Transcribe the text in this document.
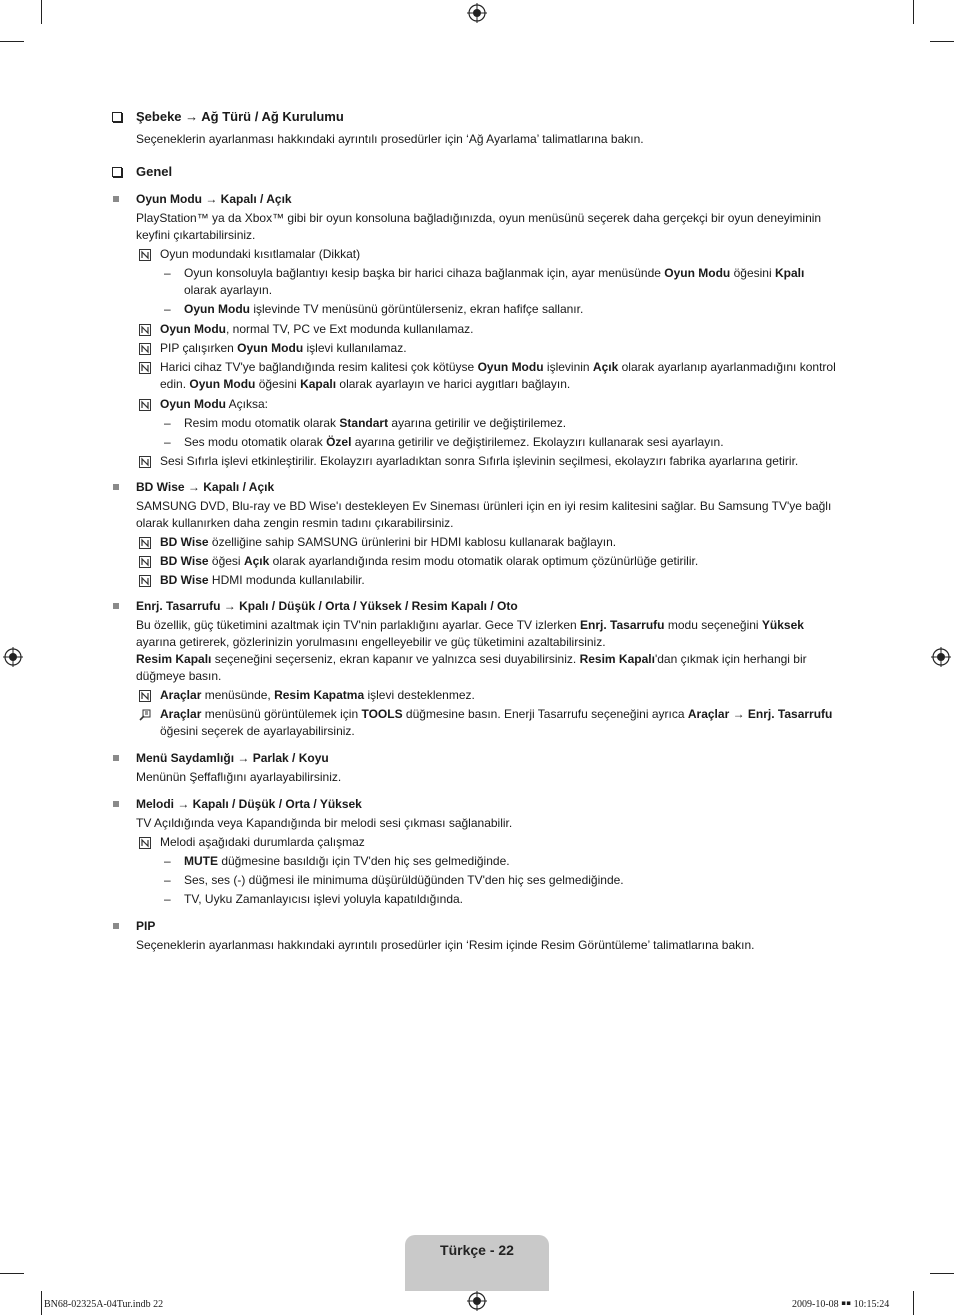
Şebeke → Ağ Türü / Ağ Kurulumu
Seçeneklerin ayarlanması hakkındaki ayrıntılı prosedürler için ‘Ağ Ayarlama’ talimatlarına bakın.
Genel
Oyun Modu → Kapalı / Açık
PlayStation™ ya da Xbox™ gibi bir oyun konsoluna bağladığınızda, oyun menüsünü seçerek daha gerçekçi bir oyun deneyiminin keyfini çıkartabilirsiniz.
Oyun modundaki kısıtlamalar (Dikkat)
– Oyun konsoluyla bağlantıyı kesip başka bir harici cihaza bağlanmak için, ayar menüsünde Oyun Modu öğesini Kpalı olarak ayarlayın.
– Oyun Modu işlevinde TV menüsünü görüntülerseniz, ekran hafifçe sallanır.
Oyun Modu, normal TV, PC ve Ext modunda kullanılamaz.
PIP çalışırken Oyun Modu işlevi kullanılamaz.
Harici cihaz TV'ye bağlandığında resim kalitesi çok kötüyse Oyun Modu işlevinin Açık olarak ayarlanıp ayarlanmadığını kontrol edin. Oyun Modu öğesini Kapalı olarak ayarlayın ve harici aygıtları bağlayın.
Oyun Modu Açıksa:
– Resim modu otomatik olarak Standart ayarına getirilir ve değiştirilemez.
– Ses modu otomatik olarak Özel ayarına getirilir ve değiştirilemez. Ekolayzırı kullanarak sesi ayarlayın.
Sesi Sıfırla işlevi etkinleştirilir. Ekolayzırı ayarladıktan sonra Sıfırla işlevinin seçilmesi, ekolayzırı fabrika ayarlarına getirir.
BD Wise → Kapalı / Açık
SAMSUNG DVD, Blu-ray ve BD Wise'ı destekleyen Ev Sineması ürünleri için en iyi resim kalitesini sağlar. Bu Samsung TV'ye bağlı olarak kullanırken daha zengin resmin tadını çıkarabilirsiniz.
BD Wise özelliğine sahip SAMSUNG ürünlerini bir HDMI kablosu kullanarak bağlayın.
BD Wise öğesi Açık olarak ayarlandığında resim modu otomatik olarak optimum çözünürlüğe getirilir.
BD Wise HDMI modunda kullanılabilir.
Enrj. Tasarrufu → Kpalı / Düşük / Orta / Yüksek / Resim Kapalı / Oto
Bu özellik, güç tüketimini azaltmak için TV'nin parlaklığını ayarlar. Gece TV izlerken Enrj. Tasarrufu modu seçeneğini Yüksek ayarına getirerek, gözlerinizin yorulmasını engelleyebilir ve güç tüketimini azaltabilirsiniz.
Resim Kapalı seçeneğini seçerseniz, ekran kapanır ve yalnızca sesi duyabilirsiniz. Resim Kapalı'dan çıkmak için herhangi bir düğmeye basın.
Araçlar menüsünde, Resim Kapatma işlevi desteklenmez.
Araçlar menüsünü görüntülemek için TOOLS düğmesine basın. Enerji Tasarrufu seçeneğini ayrıca Araçlar → Enrj. Tasarrufu öğesini seçerek de ayarlayabilirsiniz.
Menü Saydamlığı → Parlak / Koyu
Menünün Şeffaflığını ayarlayabilirsiniz.
Melodi → Kapalı / Düşük / Orta / Yüksek
TV Açıldığında veya Kapandığında bir melodi sesi çıkması sağlanabilir.
Melodi aşağıdaki durumlarda çalışmaz
– MUTE düğmesine basıldığı için TV'den hiç ses gelmediğinde.
– Ses, ses (-) düğmesi ile minimuma düşürüldüğünden TV'den hiç ses gelmediğinde.
– TV, Uyku Zamanlayıcısı işlevi yoluyla kapatıldığında.
PIP
Seçeneklerin ayarlanması hakkındaki ayrıntılı prosedürler için ‘Resim içinde Resim Görüntüleme’ talimatlarına bakın.
Türkçe - 22
BN68-02325A-04Tur.indb 22	2009-10-08 ￭￭ 10:15:24
